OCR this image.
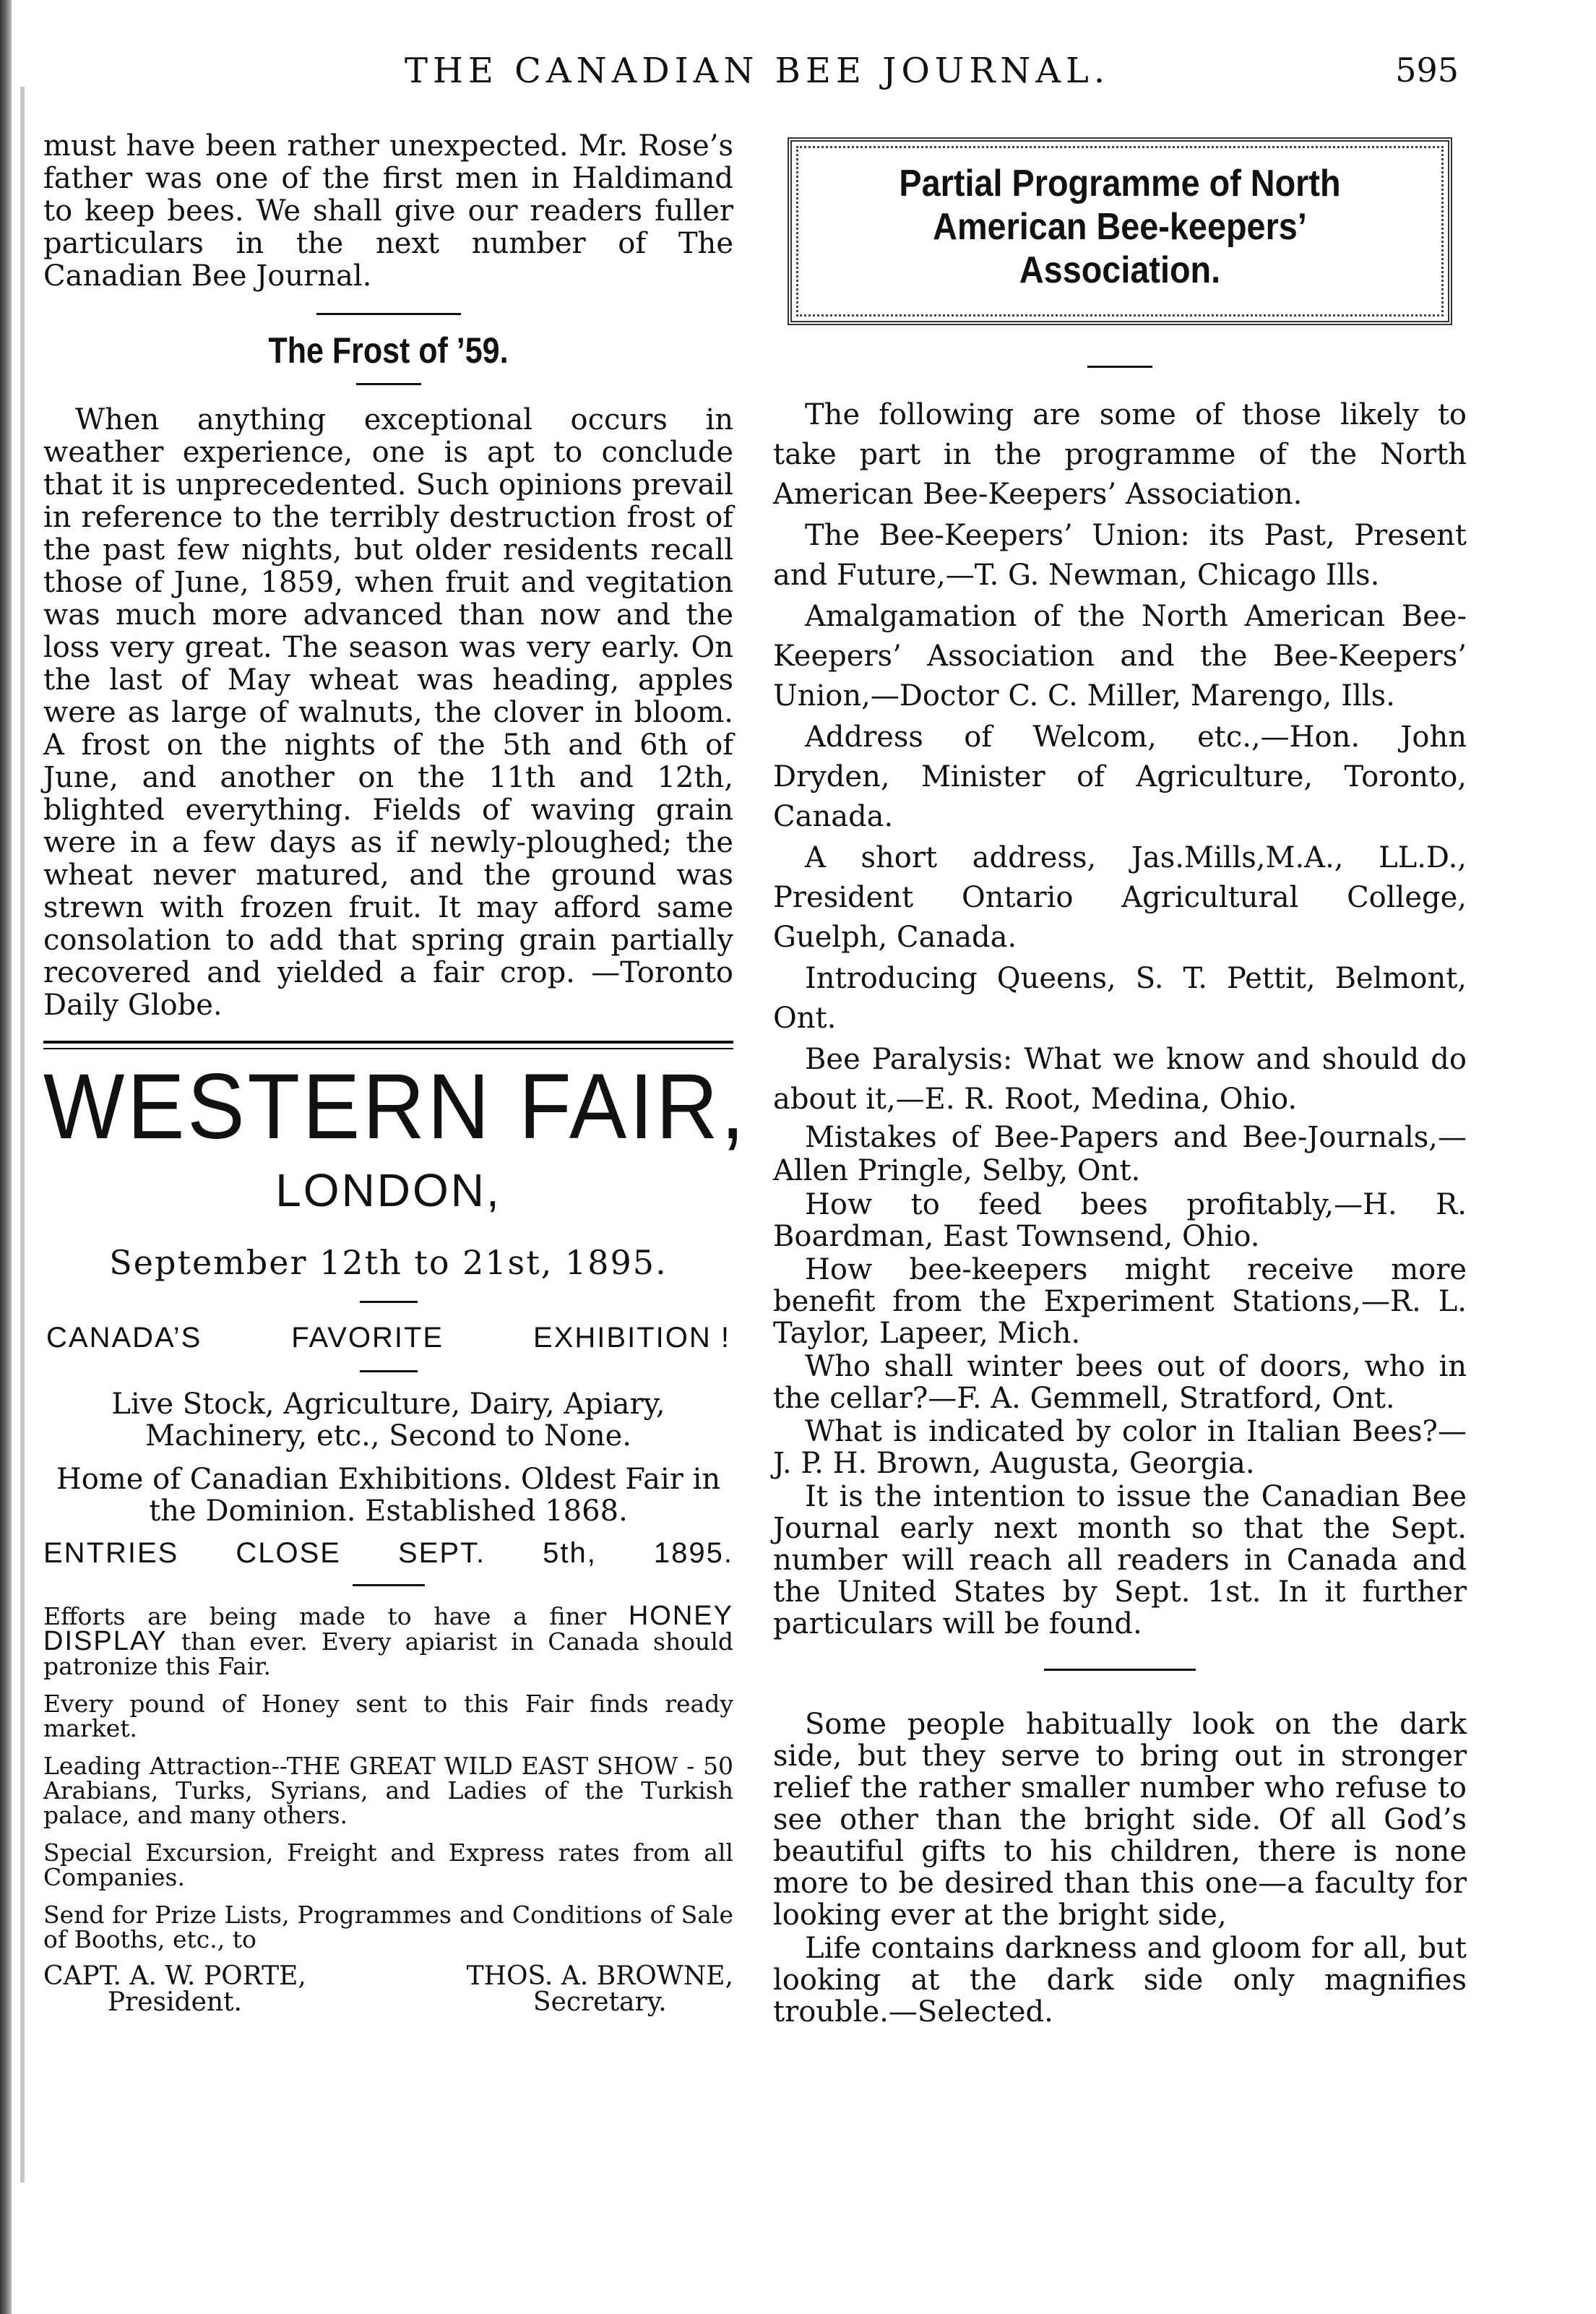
THE CANADIAN BEE JOURNAL.	595

must have been rather unexpected. Mr. Rose’s father was one of the first men in Haldimand to keep bees. We shall give our readers fuller particulars in the next number of The Canadian Bee Journal.

The Frost of ’59.

When anything exceptional occurs in weather experience, one is apt to conclude that it is unprecedented. Such opinions prevail in reference to the terribly destruction frost of the past few nights, but older residents recall those of June, 1859, when fruit and vegitation was much more advanced than now and the loss very great. The season was very early. On the last of May wheat was heading, apples were as large of walnuts, the clover in bloom. A frost on the nights of the 5th and 6th of June, and another on the 11th and 12th, blighted everything. Fields of waving grain were in a few days as if newly-ploughed; the wheat never matured, and the ground was strewn with frozen fruit. It may afford same consolation to add that spring grain partially recovered and yielded a fair crop. —Toronto Daily Globe.

WESTERN FAIR,

LONDON,

September 12th to 21st, 1895.

CANADA’S	FAVORITE	EXHIBITION !

Live Stock, Agriculture, Dairy, Apiary, Machinery, etc., Second to None.

Home of Canadian Exhibitions. Oldest Fair in the Dominion. Established 1868.

ENTRIES CLOSE SEPT. 5th, 1895.

Efforts are being made to have a finer HONEY DISPLAY than ever. Every apiarist in Canada should patronize this Fair.

Every pound of Honey sent to this Fair finds ready market.

Leading Attraction--THE GREAT WILD EAST SHOW - 50 Arabians, Turks, Syrians, and Ladies of the Turkish palace, and many others.

Special Excursion, Freight and Express rates from all Companies.

Send for Prize Lists, Programmes and Conditions of Sale of Booths, etc., to

CAPT. A. W. PORTE,
President.
THOS. A. BROWNE,
Secretary.
Partial Programme of North American Bee-keepers’ Association.

The following are some of those likely to take part in the programme of the North American Bee-Keepers’ Association.

The Bee-Keepers’ Union: its Past, Present and Future,—T. G. Newman, Chicago Ills.

Amalgamation of the North American Bee-Keepers’ Association and the Bee-Keepers’ Union,—Doctor C. C. Miller, Marengo, Ills.

Address of Welcom, etc.,—Hon. John Dryden, Minister of Agriculture, Toronto, Canada.

A short address, Jas.Mills,M.A., LL.D., President Ontario Agricultural College, Guelph, Canada.

Introducing Queens, S. T. Pettit, Belmont, Ont.

Bee Paralysis: What we know and should do about it,—E. R. Root, Medina, Ohio.

Mistakes of Bee-Papers and Bee-Journals,—Allen Pringle, Selby, Ont.

How to feed bees profitably,—H. R. Boardman, East Townsend, Ohio.

How bee-keepers might receive more benefit from the Experiment Stations,—R. L. Taylor, Lapeer, Mich.

Who shall winter bees out of doors, who in the cellar?—F. A. Gemmell, Stratford, Ont.

What is indicated by color in Italian Bees?—J. P. H. Brown, Augusta, Georgia.

It is the intention to issue the Canadian Bee Journal early next month so that the Sept. number will reach all readers in Canada and the United States by Sept. 1st. In it further particulars will be found.

Some people habitually look on the dark side, but they serve to bring out in stronger relief the rather smaller number who refuse to see other than the bright side. Of all God’s beautiful gifts to his children, there is none more to be desired than this one—a faculty for looking ever at the bright side,

Life contains darkness and gloom for all, but looking at the dark side only magnifies trouble.—Selected.
